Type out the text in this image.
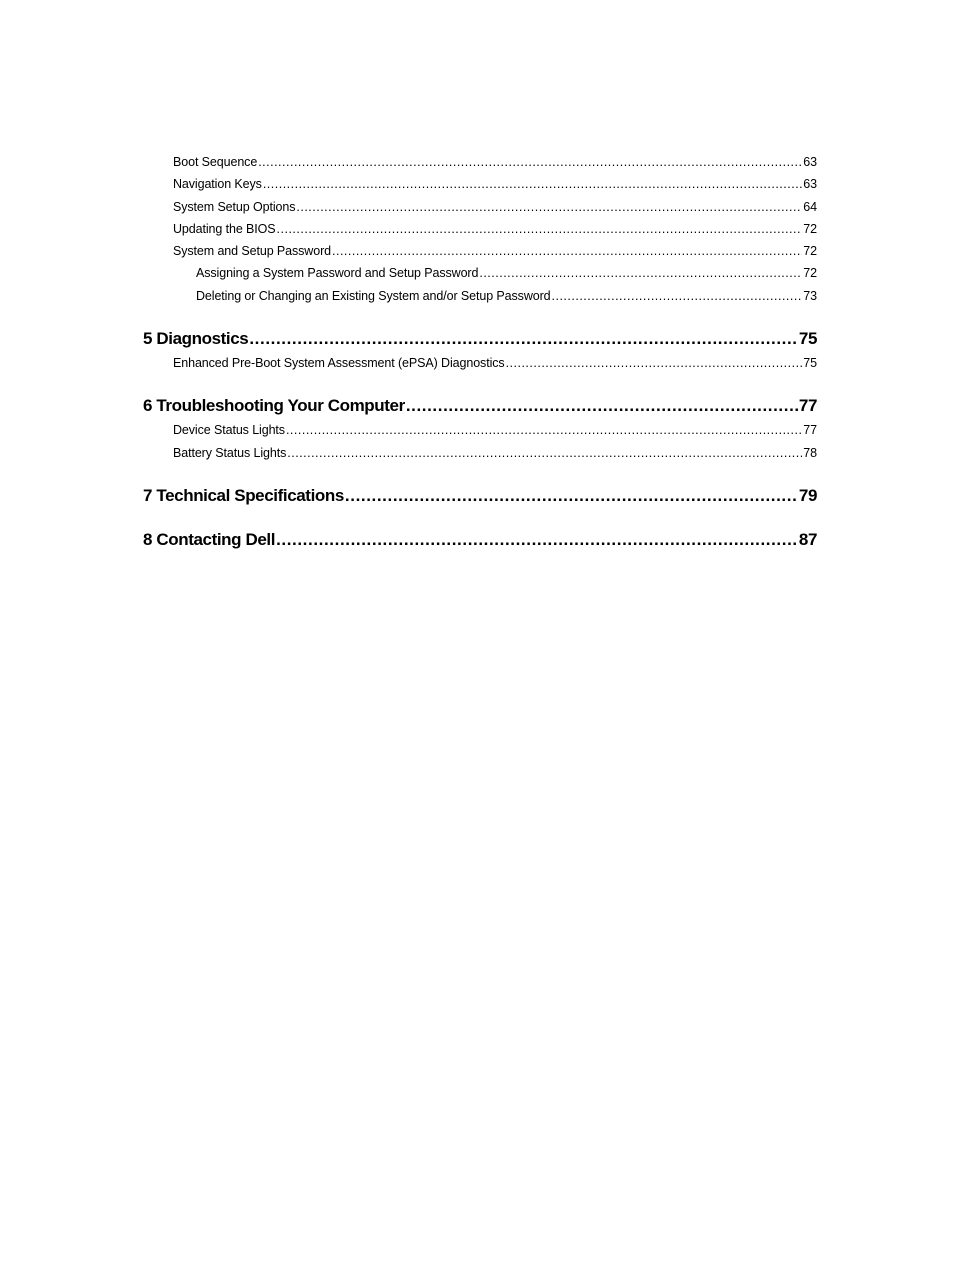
Boot Sequence .....	63
Navigation Keys .....	63
System Setup Options .....	64
Updating the BIOS .....	72
System and Setup Password .....	72
Assigning a System Password and Setup Password .....	72
Deleting or Changing an Existing System and/or Setup Password .....	73
5 Diagnostics .....	75
Enhanced Pre-Boot System Assessment (ePSA) Diagnostics .....	75
6 Troubleshooting Your Computer .....	77
Device Status Lights .....	77
Battery Status Lights .....	78
7 Technical Specifications .....	79
8 Contacting Dell .....	87
